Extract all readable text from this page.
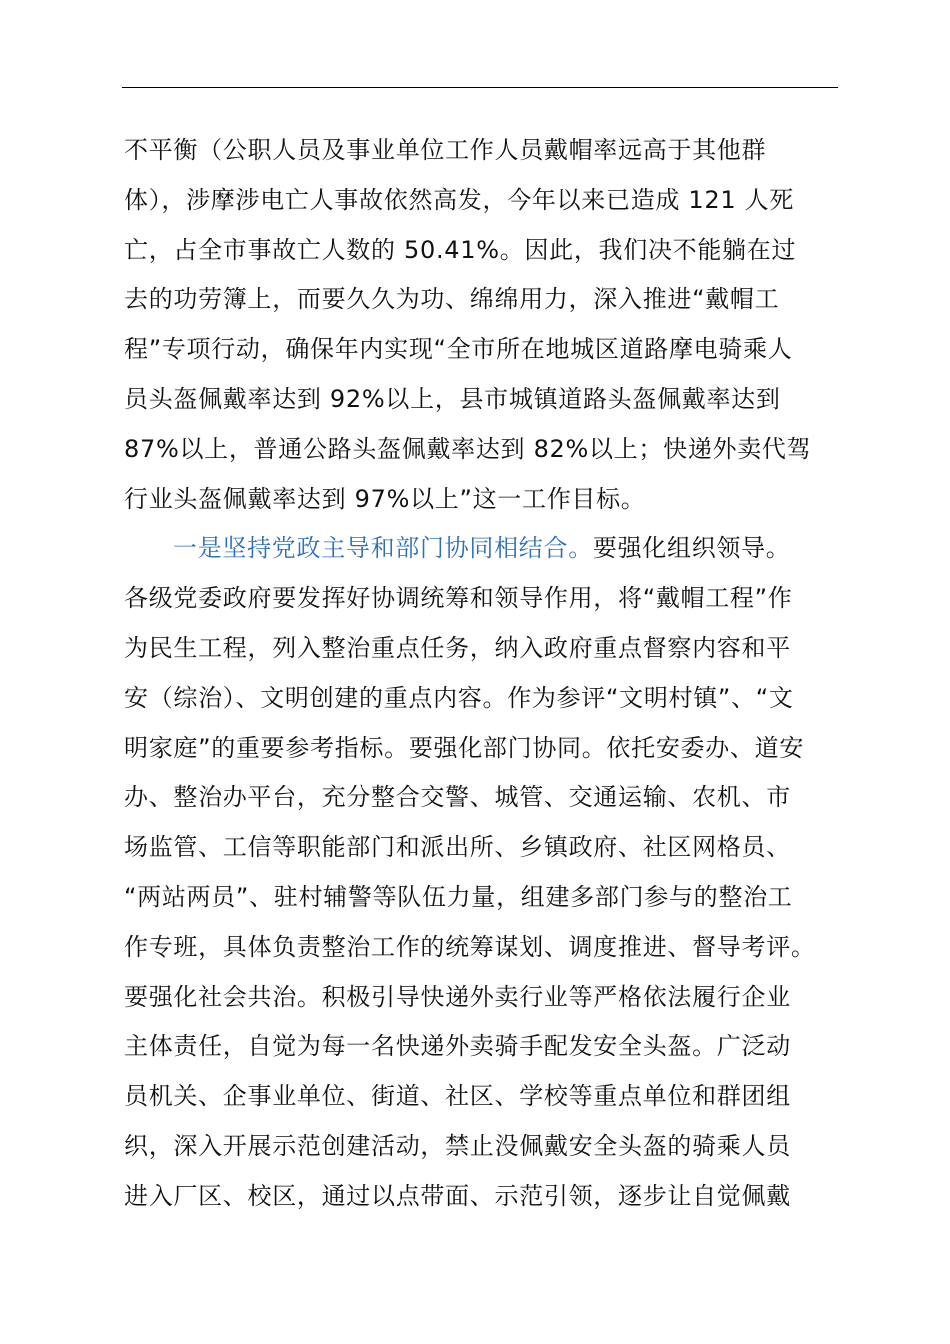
不平衡（公职人员及事业单位工作人员戴帽率远高于其他群
体），涉摩涉电亡人事故依然高发，今年以来已造成 121 人死
亡，占全市事故亡人数的 50.41%。因此，我们决不能躺在过
去的功劳簿上，而要久久为功、绵绵用力，深入推进“戴帽工
程”专项行动，确保年内实现“全市所在地城区道路摩电骑乘人
员头盔佩戴率达到 92%以上，县市城镇道路头盔佩戴率达到
87%以上，普通公路头盔佩戴率达到 82%以上；快递外卖代驾
行业头盔佩戴率达到 97%以上”这一工作目标。
一是坚持党政主导和部门协同相结合。要强化组织领导。
各级党委政府要发挥好协调统筹和领导作用，将“戴帽工程”作
为民生工程，列入整治重点任务，纳入政府重点督察内容和平
安（综治）、文明创建的重点内容。作为参评“文明村镇”、“文
明家庭”的重要参考指标。要强化部门协同。依托安委办、道安
办、整治办平台，充分整合交警、城管、交通运输、农机、市
场监管、工信等职能部门和派出所、乡镇政府、社区网格员、
“两站两员”、驻村辅警等队伍力量，组建多部门参与的整治工
作专班，具体负责整治工作的统筹谋划、调度推进、督导考评。
要强化社会共治。积极引导快递外卖行业等严格依法履行企业
主体责任，自觉为每一名快递外卖骑手配发安全头盔。广泛动
员机关、企事业单位、街道、社区、学校等重点单位和群团组
织，深入开展示范创建活动，禁止没佩戴安全头盔的骑乘人员
进入厂区、校区，通过以点带面、示范引领，逐步让自觉佩戴
